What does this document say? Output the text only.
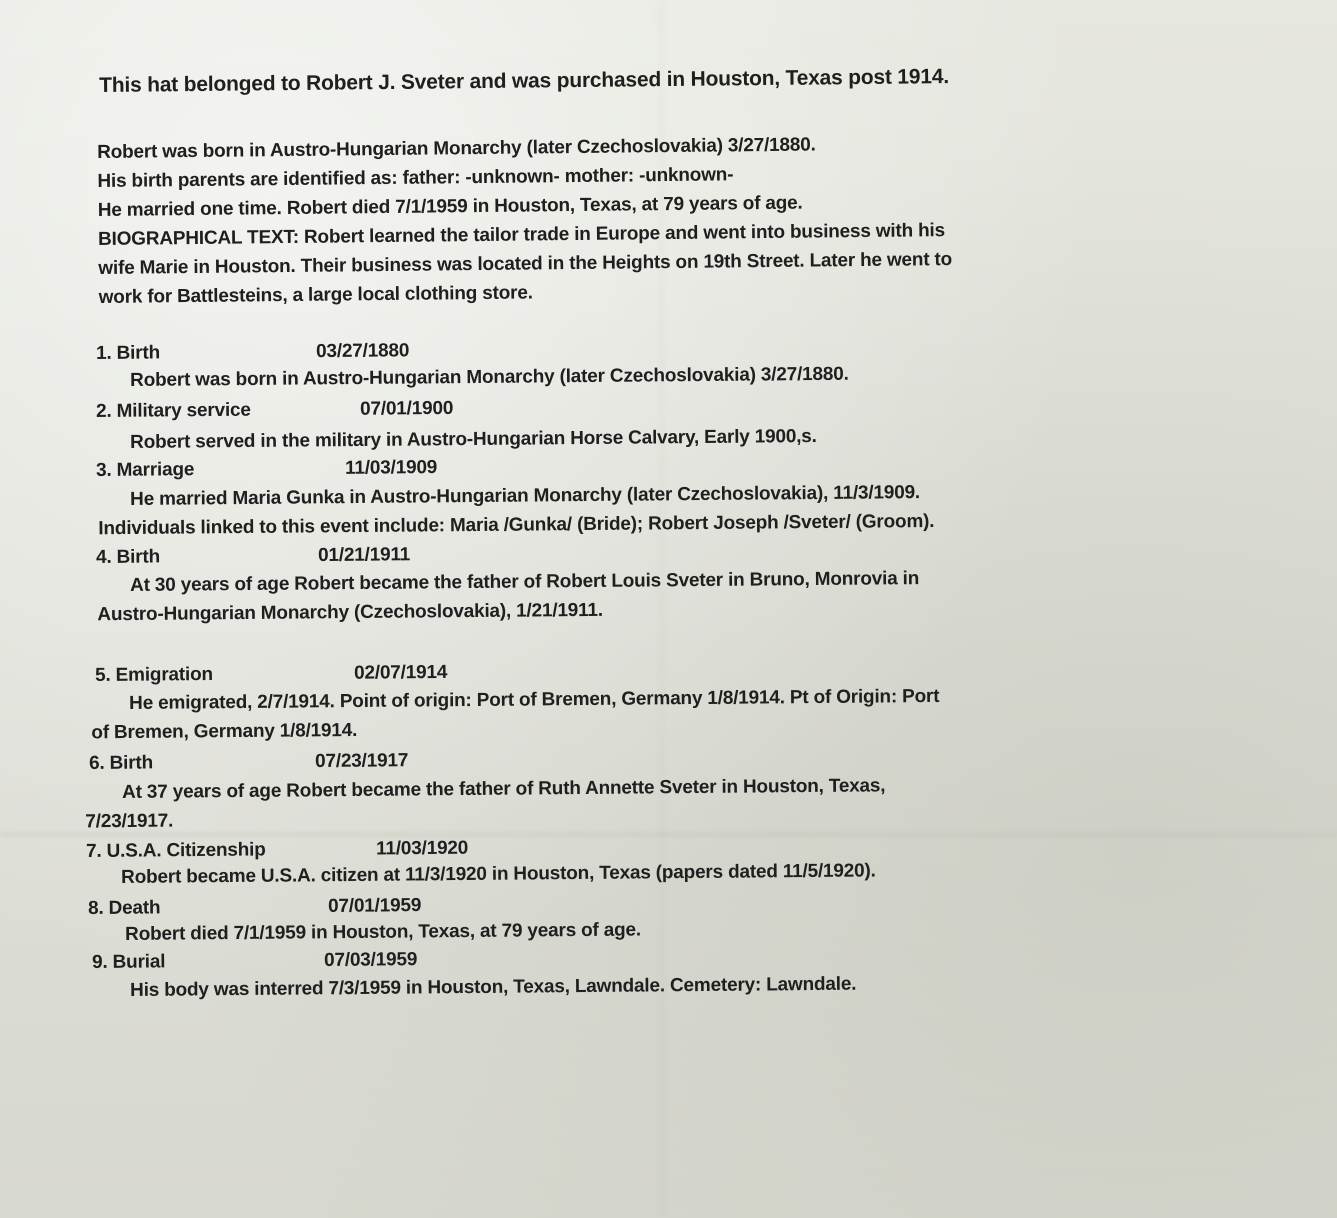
This hat belonged to Robert J. Sveter and was purchased in Houston, Texas post 1914.
Robert was born in Austro-Hungarian Monarchy (later Czechoslovakia) 3/27/1880.
His birth parents are identified as: father: -unknown- mother: -unknown-
He married one time. Robert died 7/1/1959 in Houston, Texas, at 79 years of age.
BIOGRAPHICAL TEXT: Robert learned the tailor trade in Europe and went into business with his
wife Marie in Houston. Their business was located in the Heights on 19th Street. Later he went to
work for Battlesteins, a large local clothing store.
1. Birth	03/27/1880
Robert was born in Austro-Hungarian Monarchy (later Czechoslovakia) 3/27/1880.
2. Military service	07/01/1900
Robert served in the military in Austro-Hungarian Horse Calvary, Early 1900,s.
3. Marriage	11/03/1909
He married Maria Gunka in Austro-Hungarian Monarchy (later Czechoslovakia), 11/3/1909.
Individuals linked to this event include: Maria /Gunka/ (Bride); Robert Joseph /Sveter/ (Groom).
4. Birth	01/21/1911
At 30 years of age Robert became the father of Robert Louis Sveter in Bruno, Monrovia in
Austro-Hungarian Monarchy (Czechoslovakia), 1/21/1911.
5. Emigration	02/07/1914
He emigrated, 2/7/1914. Point of origin: Port of Bremen, Germany 1/8/1914. Pt of Origin: Port
of Bremen, Germany 1/8/1914.
6. Birth	07/23/1917
At 37 years of age Robert became the father of Ruth Annette Sveter in Houston, Texas,
7/23/1917.
7. U.S.A. Citizenship	11/03/1920
Robert became U.S.A. citizen at 11/3/1920 in Houston, Texas (papers dated 11/5/1920).
8. Death	07/01/1959
Robert died 7/1/1959 in Houston, Texas, at 79 years of age.
9. Burial	07/03/1959
His body was interred 7/3/1959 in Houston, Texas, Lawndale. Cemetery: Lawndale.
